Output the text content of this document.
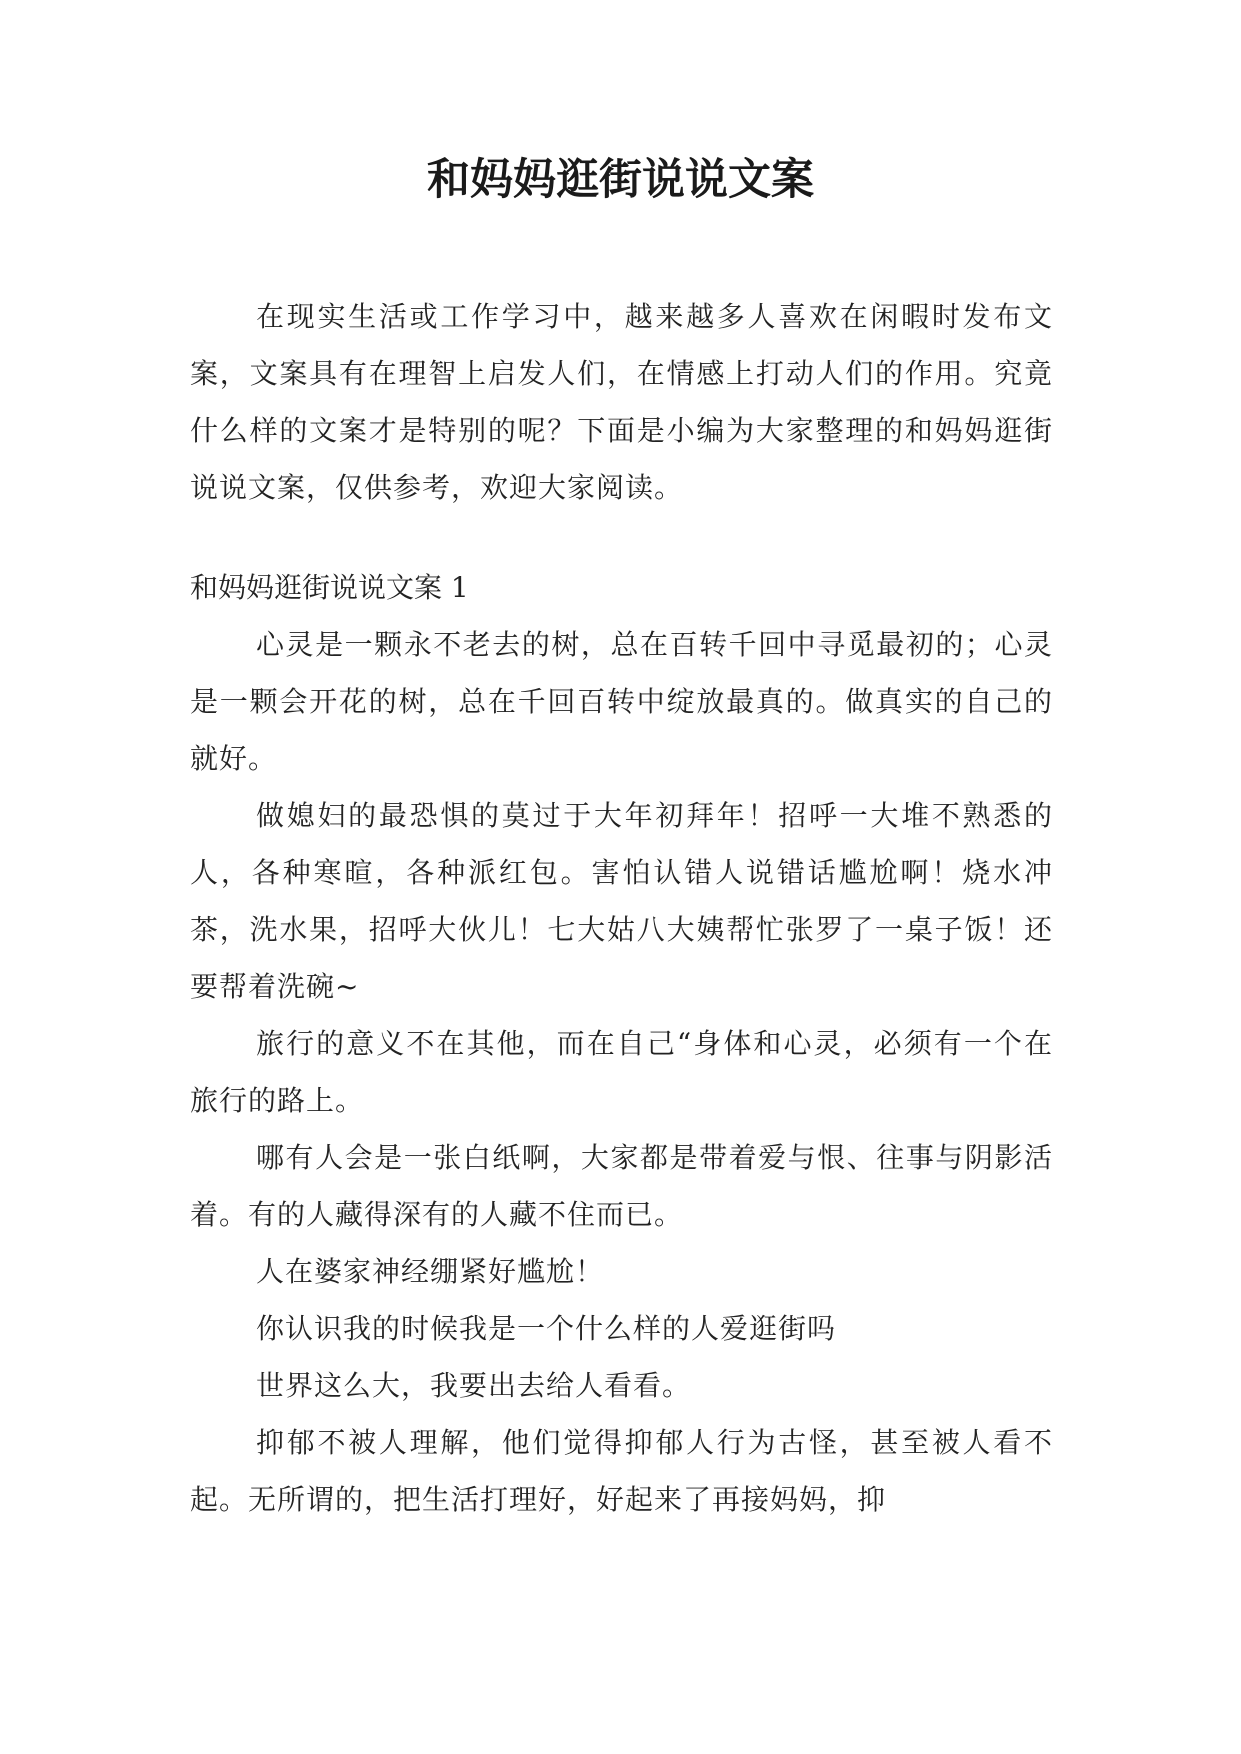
和妈妈逛街说说文案

在现实生活或工作学习中，越来越多人喜欢在闲暇时发布文案，文案具有在理智上启发人们，在情感上打动人们的作用。究竟什么样的文案才是特别的呢？下面是小编为大家整理的和妈妈逛街说说文案，仅供参考，欢迎大家阅读。

和妈妈逛街说说文案 1

心灵是一颗永不老去的树，总在百转千回中寻觅最初的；心灵是一颗会开花的树，总在千回百转中绽放最真的。做真实的自己的就好。

做媳妇的最恐惧的莫过于大年初拜年！招呼一大堆不熟悉的人，各种寒暄，各种派红包。害怕认错人说错话尴尬啊！烧水冲茶，洗水果，招呼大伙儿！七大姑八大姨帮忙张罗了一桌子饭！还要帮着洗碗~

旅行的意义不在其他，而在自己“身体和心灵，必须有一个在旅行的路上。

哪有人会是一张白纸啊，大家都是带着爱与恨、往事与阴影活着。有的人藏得深有的人藏不住而已。

人在婆家神经绷紧好尴尬！

你认识我的时候我是一个什么样的人爱逛街吗

世界这么大，我要出去给人看看。

抑郁不被人理解，他们觉得抑郁人行为古怪，甚至被人看不起。无所谓的，把生活打理好，好起来了再接妈妈，抑
